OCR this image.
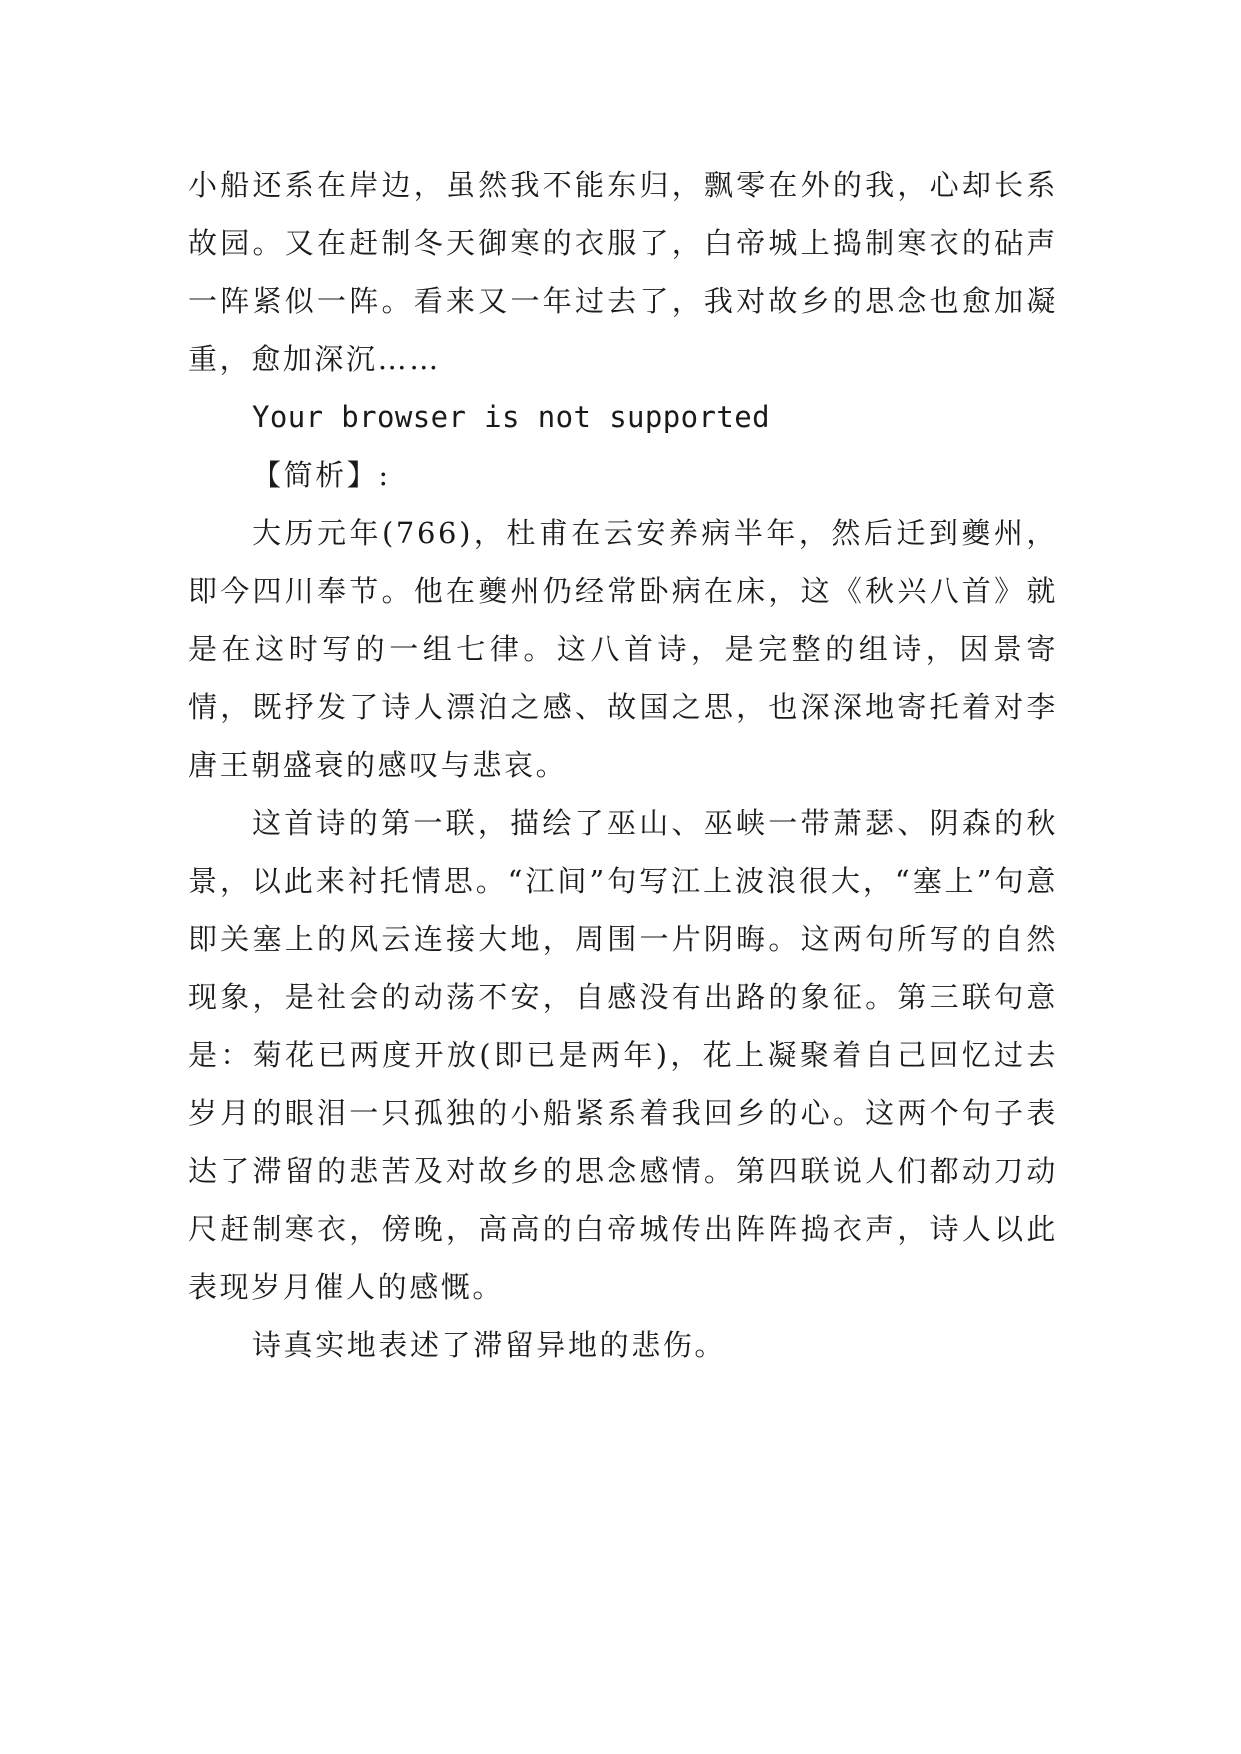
小船还系在岸边，虽然我不能东归，飘零在外的我，心却长系故园。又在赶制冬天御寒的衣服了，白帝城上捣制寒衣的砧声一阵紧似一阵。看来又一年过去了，我对故乡的思念也愈加凝重，愈加深沉……

Your browser is not supported

【简析】:

大历元年(766)，杜甫在云安养病半年，然后迁到夔州，即今四川奉节。他在夔州仍经常卧病在床，这《秋兴八首》就是在这时写的一组七律。这八首诗，是完整的组诗，因景寄情，既抒发了诗人漂泊之感、故国之思，也深深地寄托着对李唐王朝盛衰的感叹与悲哀。

这首诗的第一联，描绘了巫山、巫峡一带萧瑟、阴森的秋景，以此来衬托情思。“江间”句写江上波浪很大，“塞上”句意即关塞上的风云连接大地，周围一片阴晦。这两句所写的自然现象，是社会的动荡不安，自感没有出路的象征。第三联句意是：菊花已两度开放(即已是两年)，花上凝聚着自己回忆过去岁月的眼泪一只孤独的小船紧系着我回乡的心。这两个句子表达了滞留的悲苦及对故乡的思念感情。第四联说人们都动刀动尺赶制寒衣，傍晚，高高的白帝城传出阵阵捣衣声，诗人以此表现岁月催人的感慨。

诗真实地表述了滞留异地的悲伤。
